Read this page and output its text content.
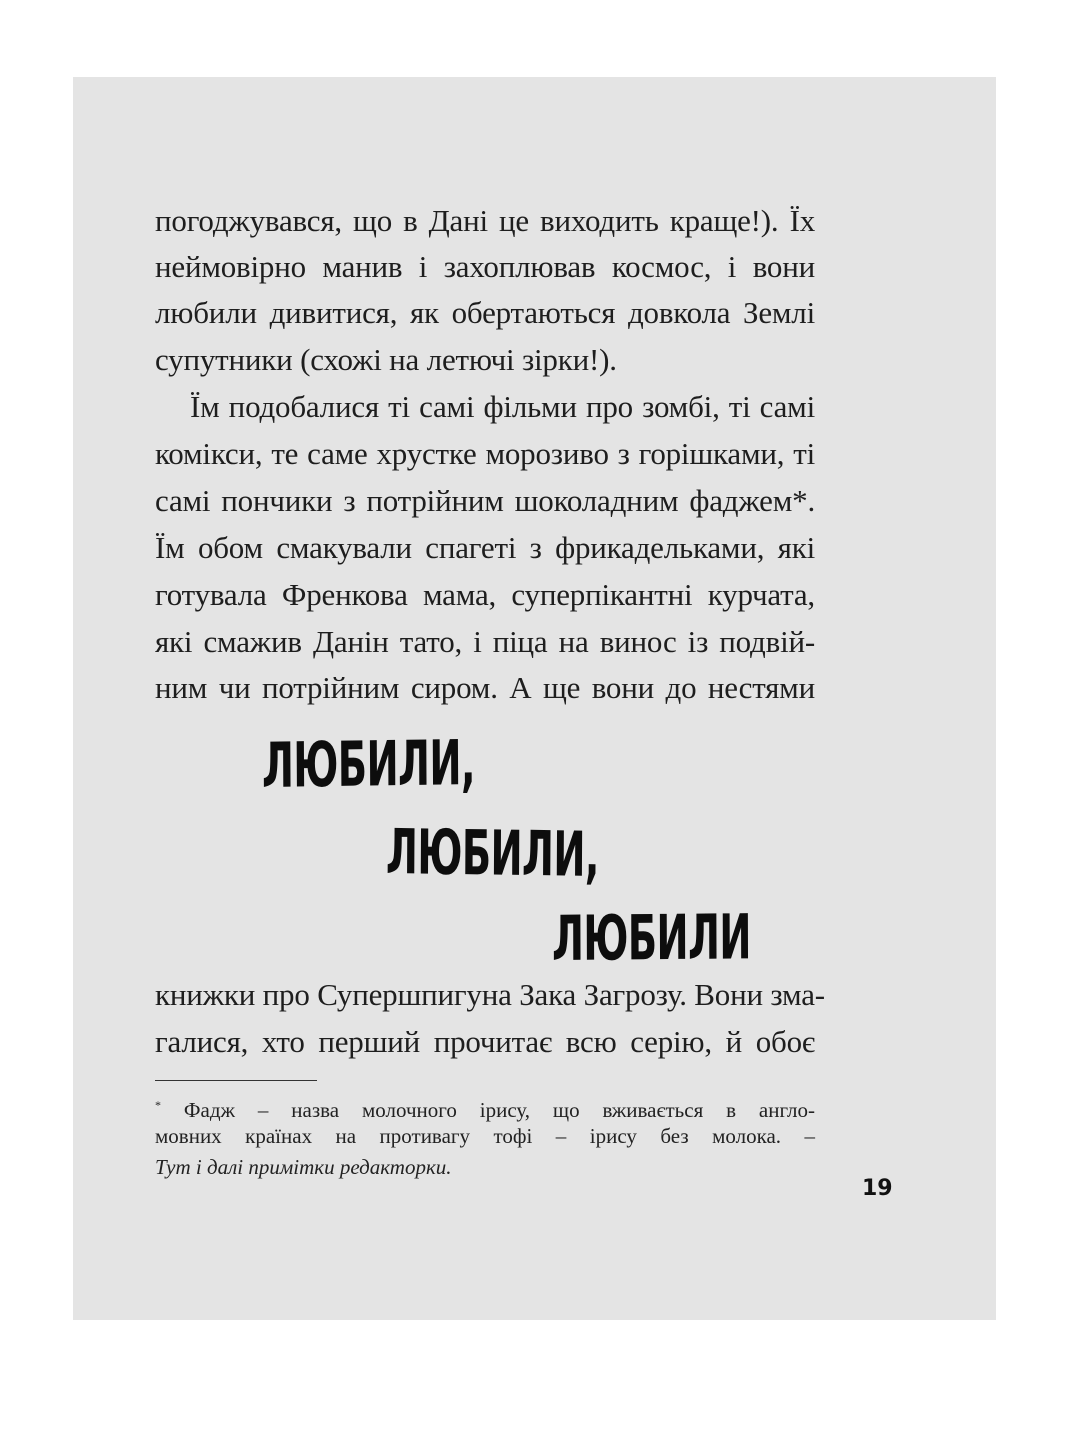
погоджувався, що в Дані це виходить краще!). Їх

неймовірно манив і захоплював космос, і вони

любили дивитися, як обертаються довкола Землі

супутники (схожі на летючі зірки!).

Їм подобалися ті самі фільми про зомбі, ті самі

комікси, те саме хрустке морозиво з горішками, ті

самі пончики з потрійним шоколадним фаджем*.

Їм обом смакували спагеті з фрикадельками, які

готувала Френкова мама, суперпікантні курчата,

які смажив Данін тато, і піца на винос із подвій-

ним чи потрійним сиром. А ще вони до нестями

ЛЮБИЛИ,

ЛЮБИЛИ,

ЛЮБИЛИ

книжки про Супершпигуна Зака Загрозу. Вони зма-

галися, хто перший прочитає всю серію, й обоє

* Фадж – назва молочного ірису, що вживається в англо-

мовних країнах на противагу тофі – ірису без молока. –

Тут і далі примітки редакторки.

19
